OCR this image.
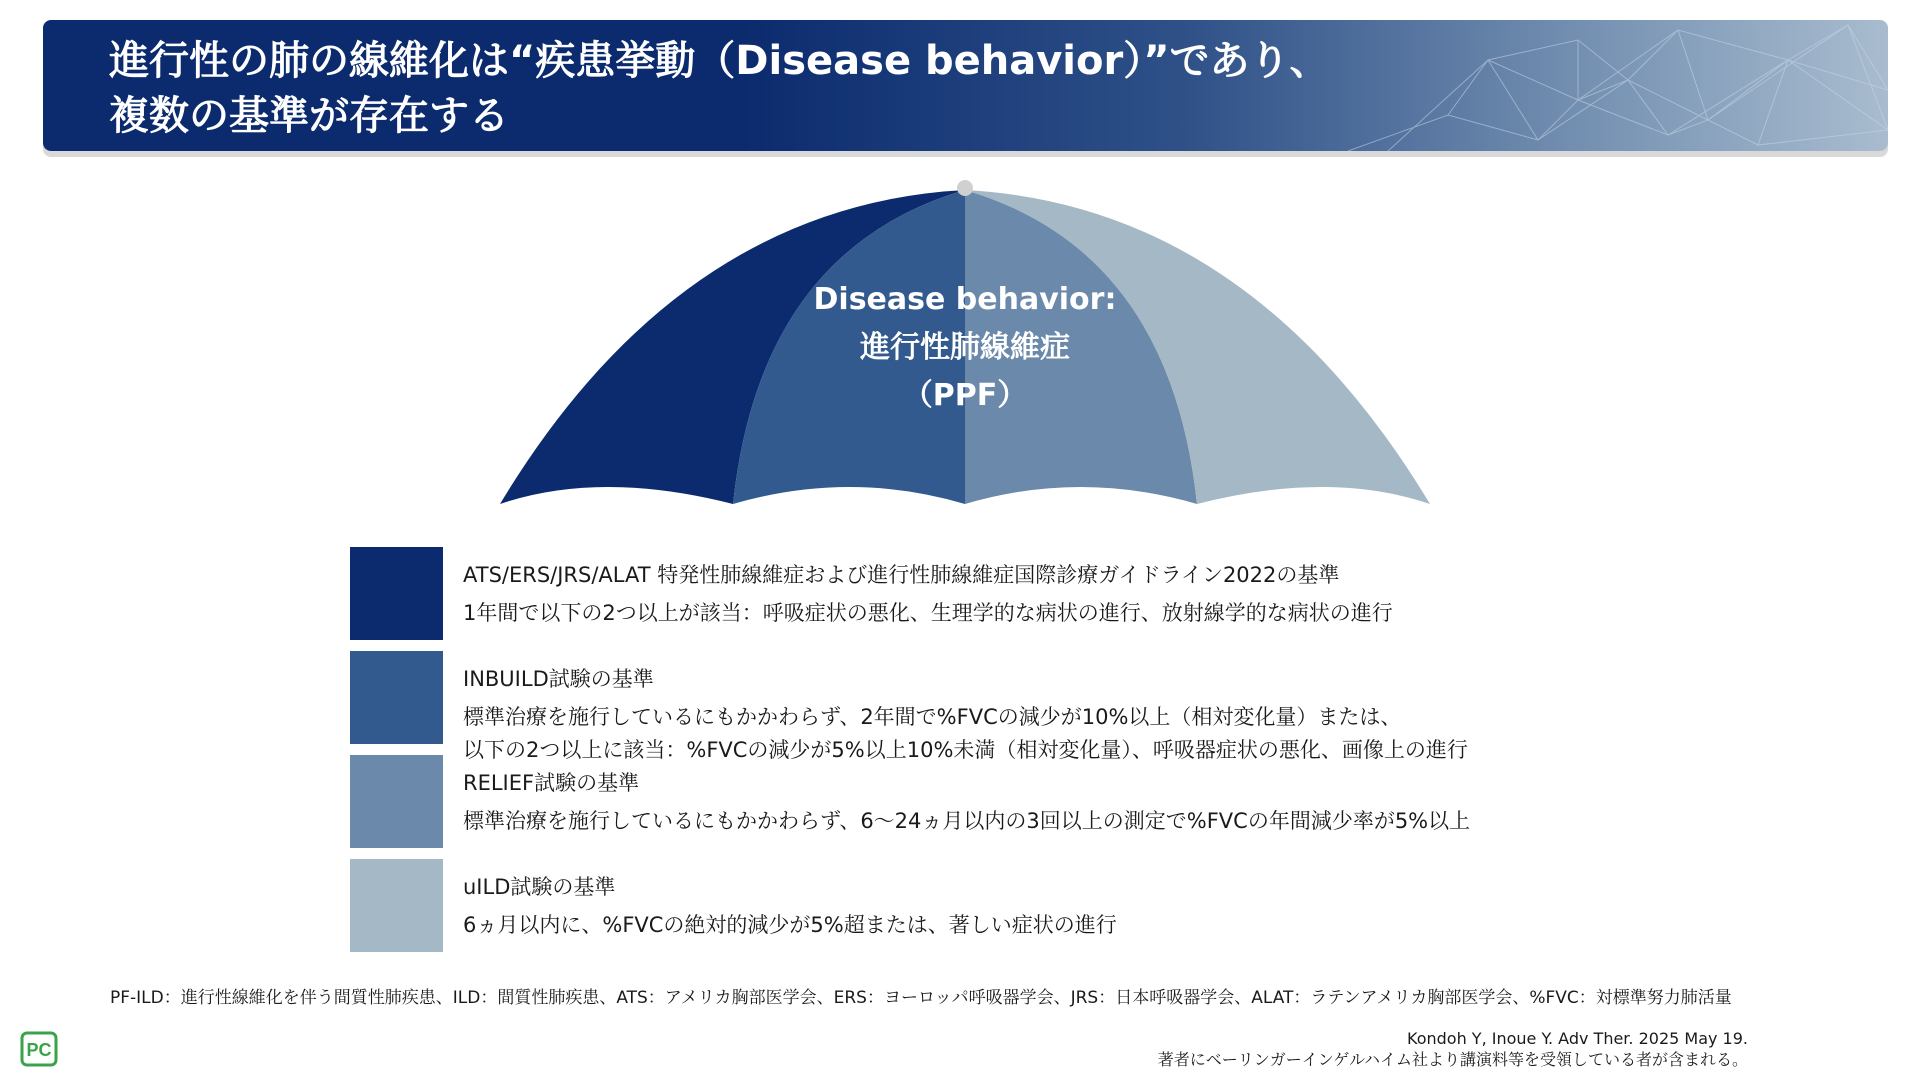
進行性の肺の線維化は“疾患挙動（Disease behavior）”であり、
複数の基準が存在する
Disease behavior:
進行性肺線維症
（PPF）
ATS/ERS/JRS/ALAT 特発性肺線維症および進行性肺線維症国際診療ガイドライン2022の基準
1年間で以下の2つ以上が該当：呼吸症状の悪化、生理学的な病状の進行、放射線学的な病状の進行
INBUILD試験の基準
標準治療を施行しているにもかかわらず、2年間で%FVCの減少が10%以上（相対変化量）または、
以下の2つ以上に該当：%FVCの減少が5%以上10%未満（相対変化量）、呼吸器症状の悪化、画像上の進行
RELIEF試験の基準
標準治療を施行しているにもかかわらず、6～24ヵ月以内の3回以上の測定で%FVCの年間減少率が5%以上
uILD試験の基準
6ヵ月以内に、%FVCの絶対的減少が5%超または、著しい症状の進行
PF-ILD：進行性線維化を伴う間質性肺疾患、ILD：間質性肺疾患、ATS：アメリカ胸部医学会、ERS：ヨーロッパ呼吸器学会、JRS：日本呼吸器学会、ALAT：ラテンアメリカ胸部医学会、%FVC：対標準努力肺活量
Kondoh Y, Inoue Y. Adv Ther. 2025 May 19.
著者にベーリンガーインゲルハイム社より講演料等を受領している者が含まれる。
PC
